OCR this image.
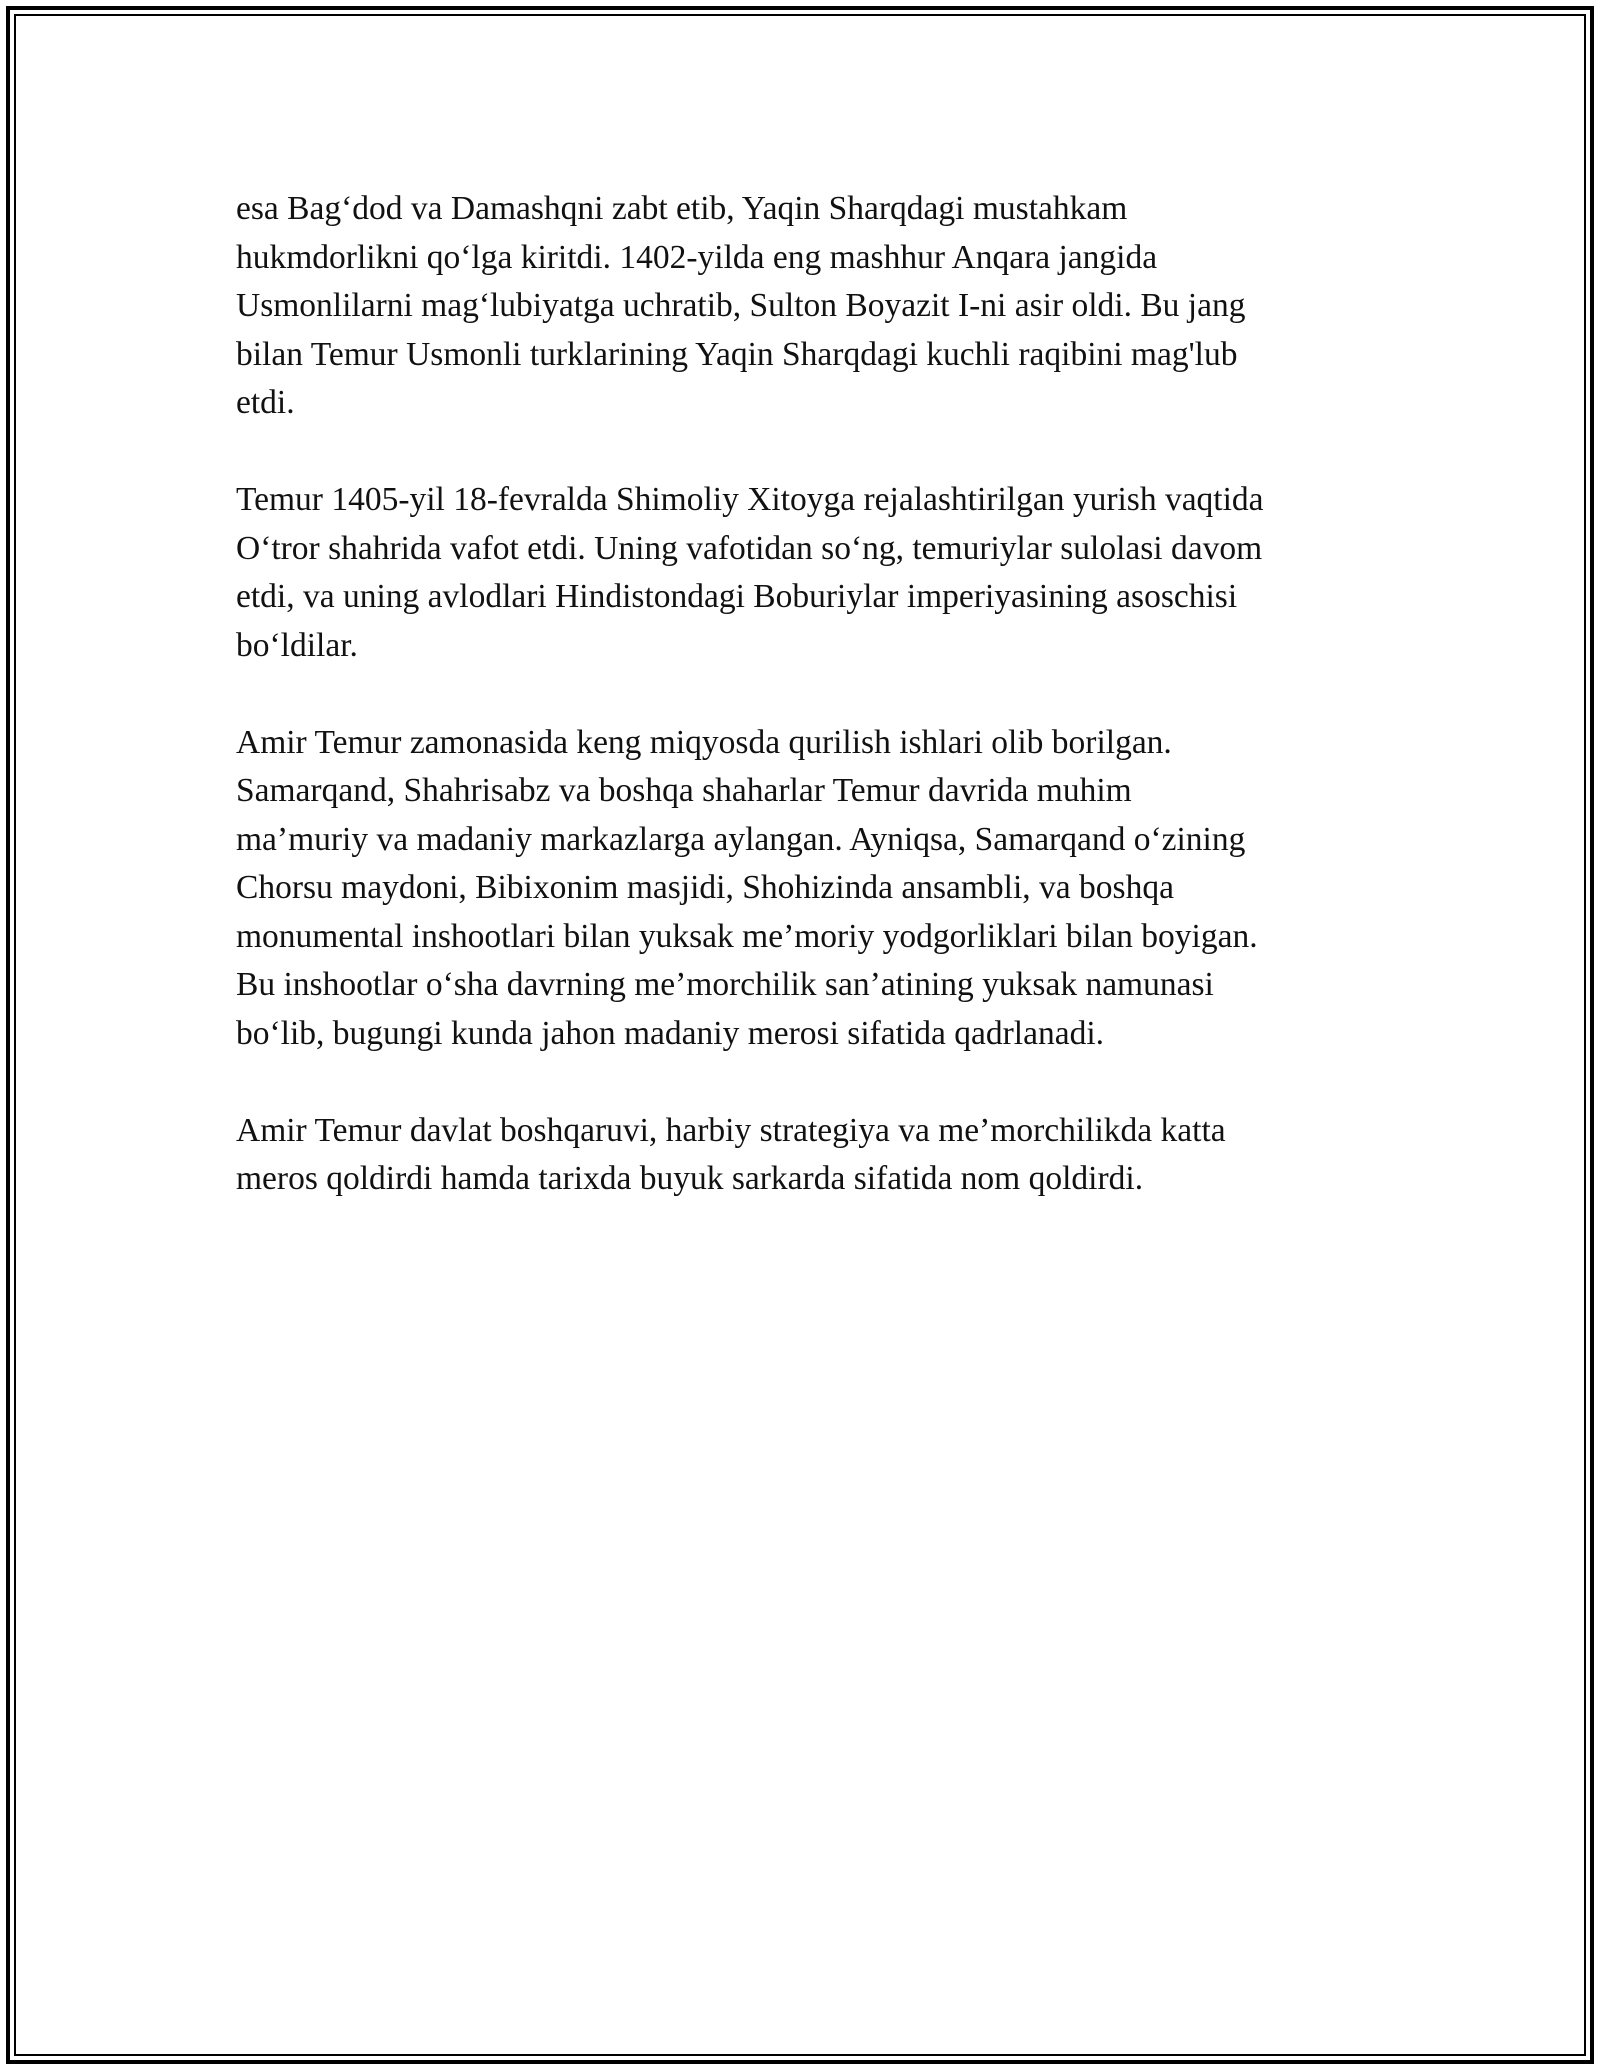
esa Bag‘dod va Damashqni zabt etib, Yaqin Sharqdagi mustahkam
hukmdorlikni qo‘lga kiritdi. 1402-yilda eng mashhur Anqara jangida
Usmonlilarni mag‘lubiyatga uchratib, Sulton Boyazit I-ni asir oldi. Bu jang
bilan Temur Usmonli turklarining Yaqin Sharqdagi kuchli raqibini mag'lub
etdi.

Temur 1405-yil 18-fevralda Shimoliy Xitoyga rejalashtirilgan yurish vaqtida
O‘tror shahrida vafot etdi. Uning vafotidan so‘ng, temuriylar sulolasi davom
etdi, va uning avlodlari Hindistondagi Boburiylar imperiyasining asoschisi
bo‘ldilar.

Amir Temur zamonasida keng miqyosda qurilish ishlari olib borilgan.
Samarqand, Shahrisabz va boshqa shaharlar Temur davrida muhim
ma’muriy va madaniy markazlarga aylangan. Ayniqsa, Samarqand o‘zining
Chorsu maydoni, Bibixonim masjidi, Shohizinda ansambli, va boshqa
monumental inshootlari bilan yuksak me’moriy yodgorliklari bilan boyigan.
Bu inshootlar o‘sha davrning me’morchilik san’atining yuksak namunasi
bo‘lib, bugungi kunda jahon madaniy merosi sifatida qadrlanadi.

Amir Temur davlat boshqaruvi, harbiy strategiya va me’morchilikda katta
meros qoldirdi hamda tarixda buyuk sarkarda sifatida nom qoldirdi.
